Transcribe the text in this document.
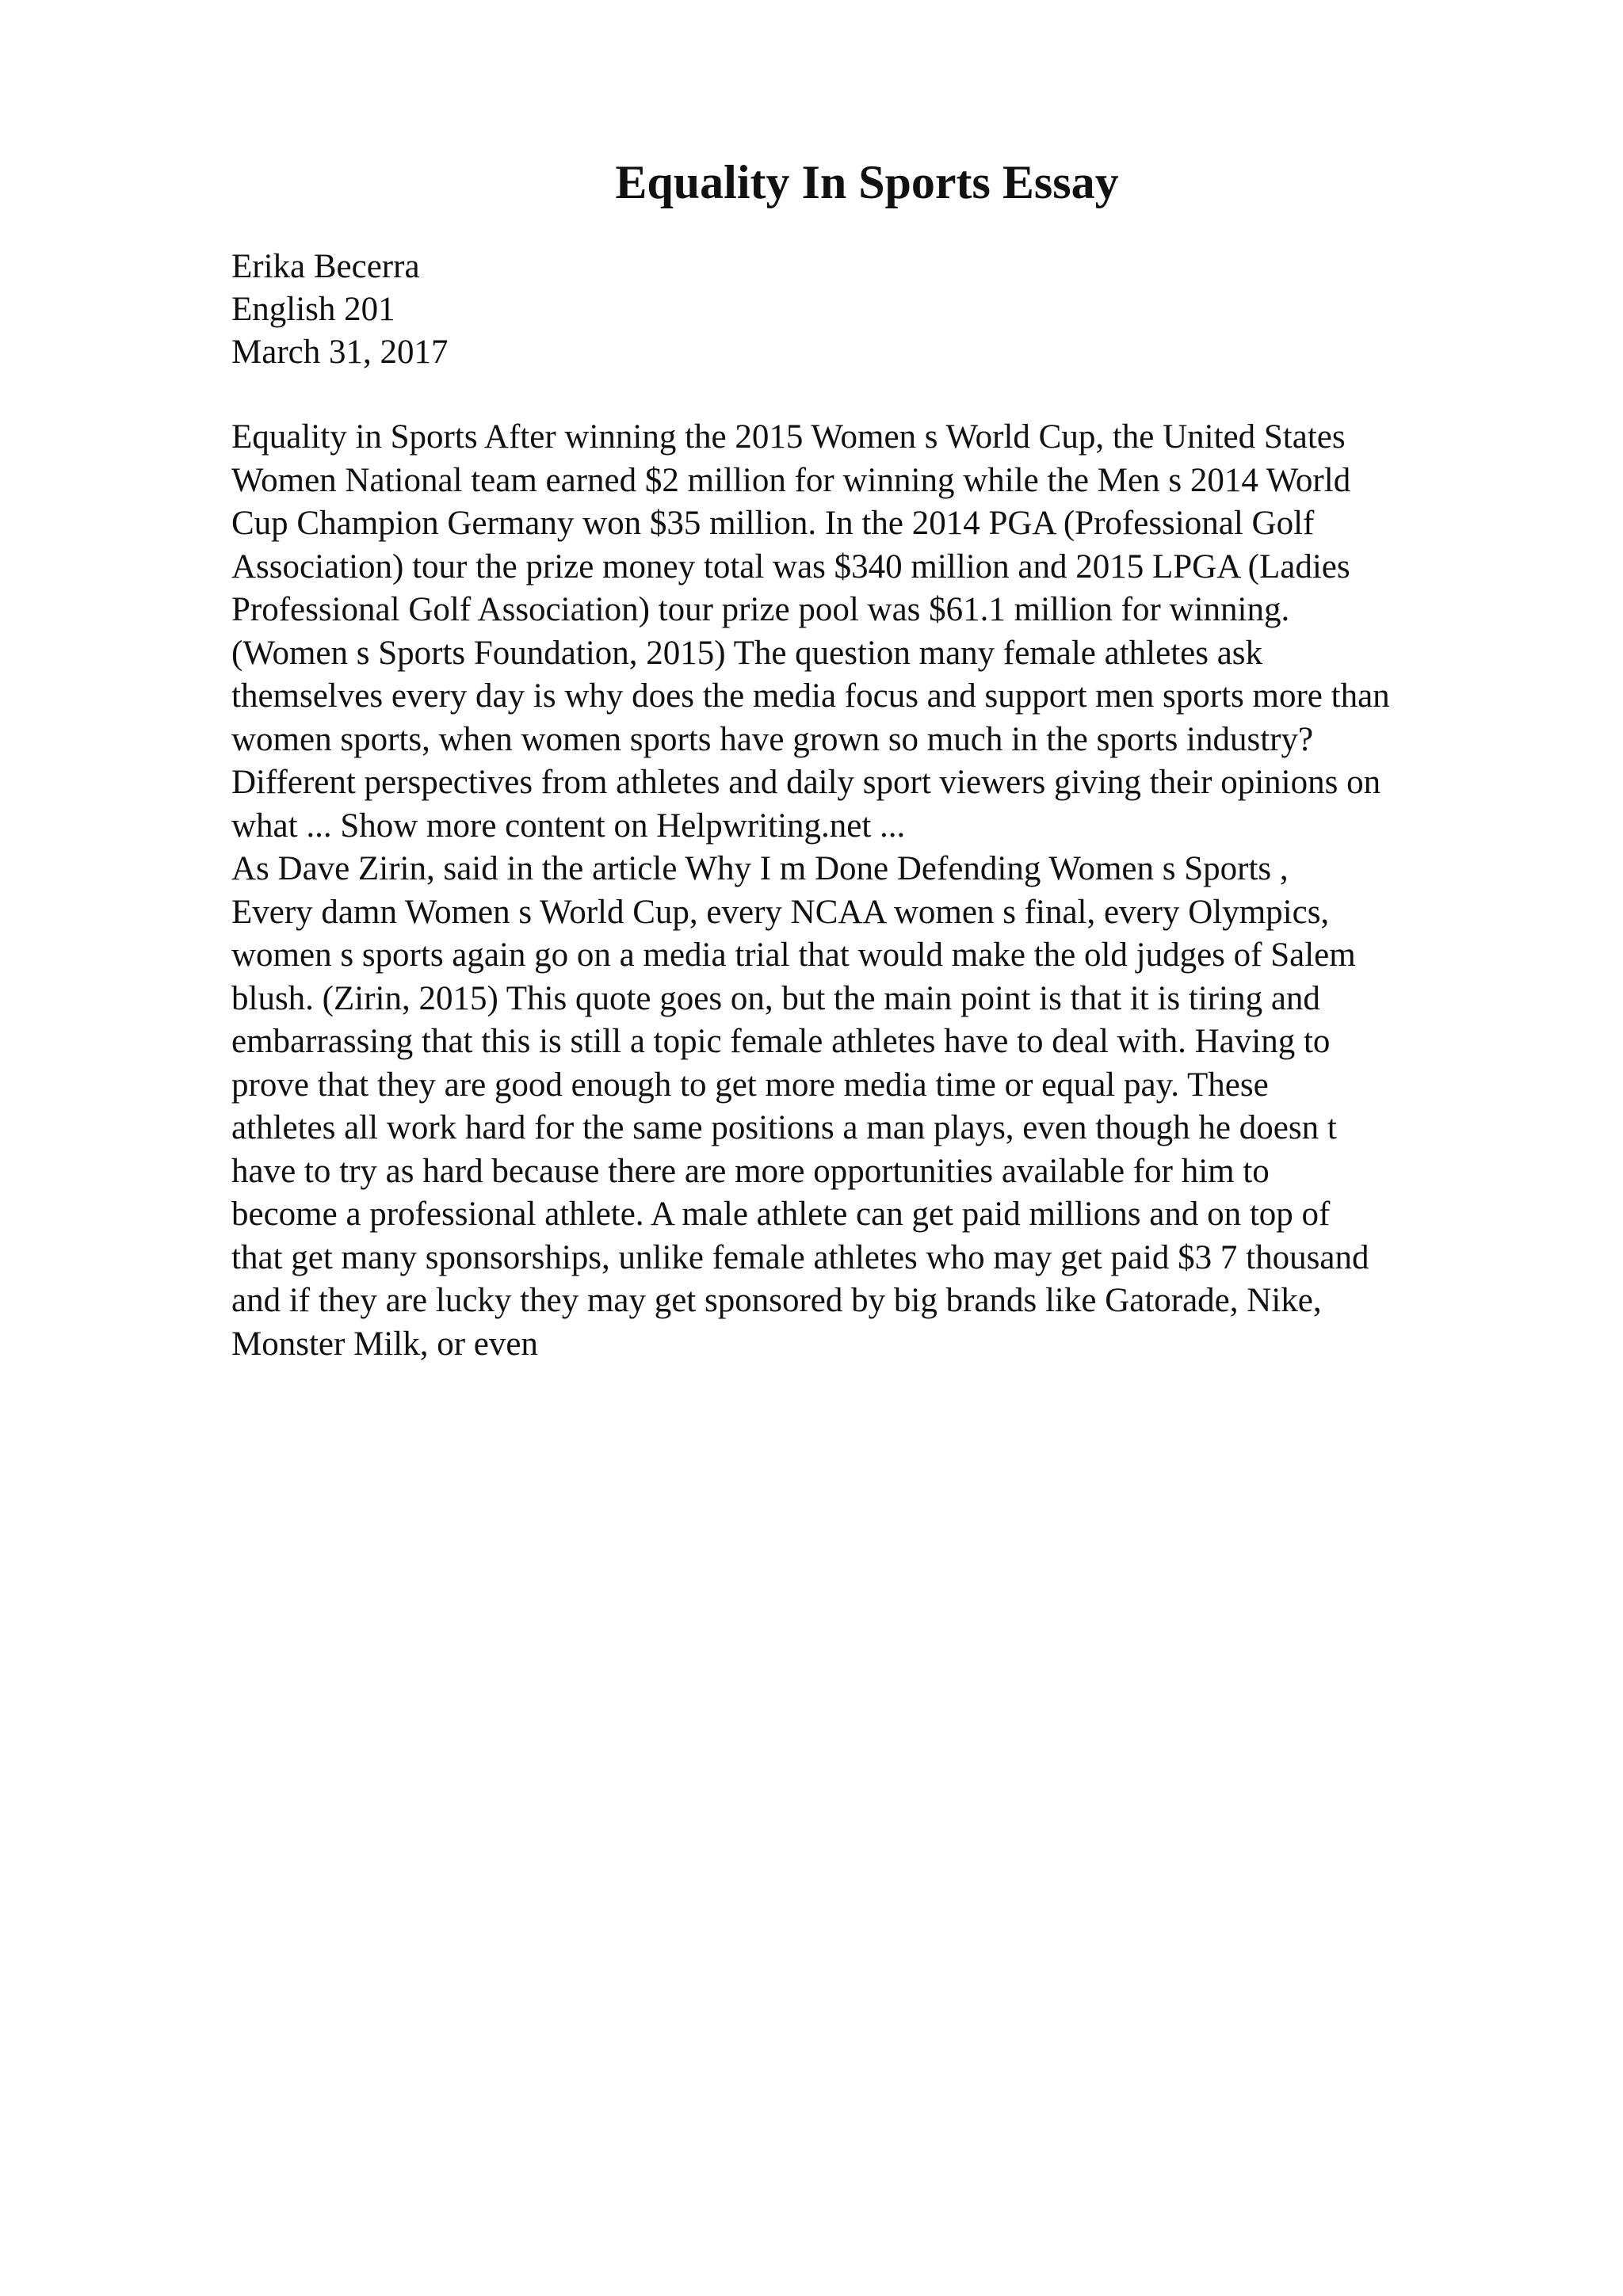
Equality In Sports Essay
Erika Becerra
English 201
March 31, 2017
Equality in Sports After winning the 2015 Women s World Cup, the United States
Women National team earned $2 million for winning while the Men s 2014 World
Cup Champion Germany won $35 million. In the 2014 PGA (Professional Golf
Association) tour the prize money total was $340 million and 2015 LPGA (Ladies
Professional Golf Association) tour prize pool was $61.1 million for winning.
(Women s Sports Foundation, 2015) The question many female athletes ask
themselves every day is why does the media focus and support men sports more than
women sports, when women sports have grown so much in the sports industry?
Different perspectives from athletes and daily sport viewers giving their opinions on
what ... Show more content on Helpwriting.net ...
As Dave Zirin, said in the article Why I m Done Defending Women s Sports ,
Every damn Women s World Cup, every NCAA women s final, every Olympics,
women s sports again go on a media trial that would make the old judges of Salem
blush. (Zirin, 2015) This quote goes on, but the main point is that it is tiring and
embarrassing that this is still a topic female athletes have to deal with. Having to
prove that they are good enough to get more media time or equal pay. These
athletes all work hard for the same positions a man plays, even though he doesn t
have to try as hard because there are more opportunities available for him to
become a professional athlete. A male athlete can get paid millions and on top of
that get many sponsorships, unlike female athletes who may get paid $3 7 thousand
and if they are lucky they may get sponsored by big brands like Gatorade, Nike,
Monster Milk, or even
